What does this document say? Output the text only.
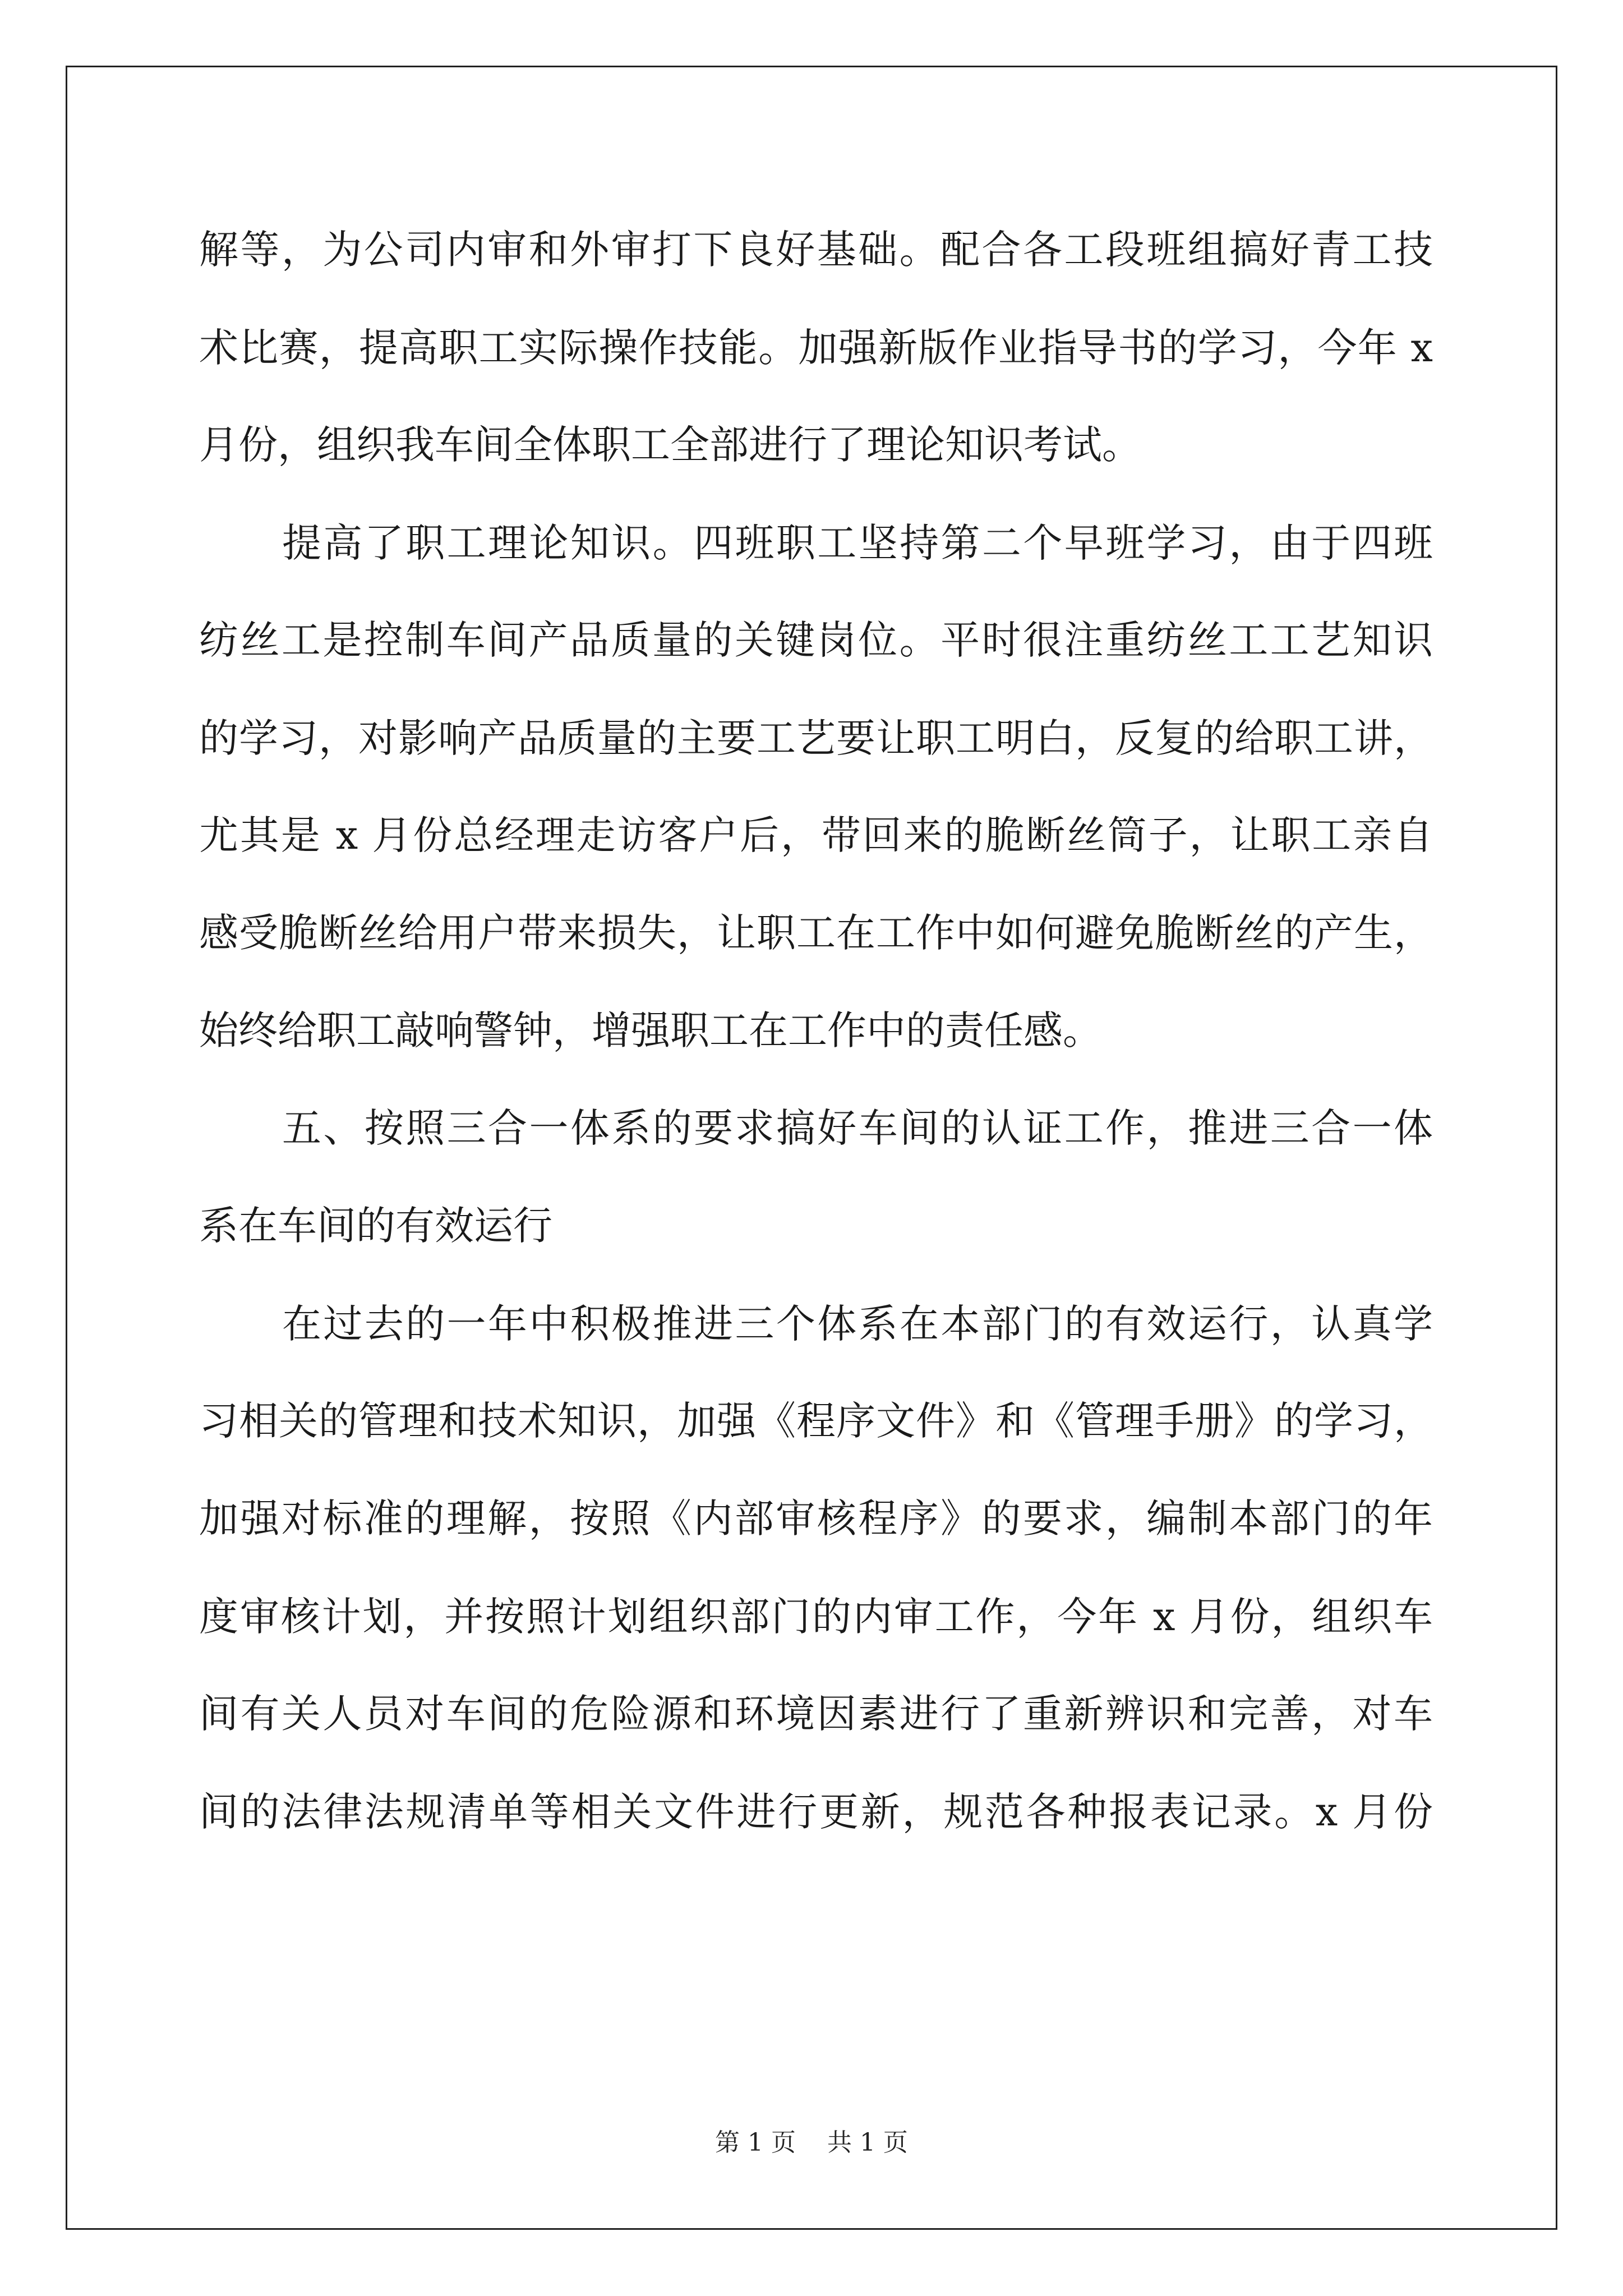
解等，为公司内审和外审打下良好基础。配合各工段班组搞好青工技
术比赛，提高职工实际操作技能。加强新版作业指导书的学习，今年 x
月份，组织我车间全体职工全部进行了理论知识考试。
提高了职工理论知识。四班职工坚持第二个早班学习，由于四班
纺丝工是控制车间产品质量的关键岗位。平时很注重纺丝工工艺知识
的学习，对影响产品质量的主要工艺要让职工明白，反复的给职工讲，
尤其是 x 月份总经理走访客户后，带回来的脆断丝筒子，让职工亲自
感受脆断丝给用户带来损失，让职工在工作中如何避免脆断丝的产生，
始终给职工敲响警钟，增强职工在工作中的责任感。
五、按照三合一体系的要求搞好车间的认证工作，推进三合一体
系在车间的有效运行
在过去的一年中积极推进三个体系在本部门的有效运行，认真学
习相关的管理和技术知识，加强《程序文件》和《管理手册》的学习，
加强对标准的理解，按照《内部审核程序》的要求，编制本部门的年
度审核计划，并按照计划组织部门的内审工作，今年 x 月份，组织车
间有关人员对车间的危险源和环境因素进行了重新辨识和完善，对车
间的法律法规清单等相关文件进行更新，规范各种报表记录。x 月份
第 1 页    共 1 页
